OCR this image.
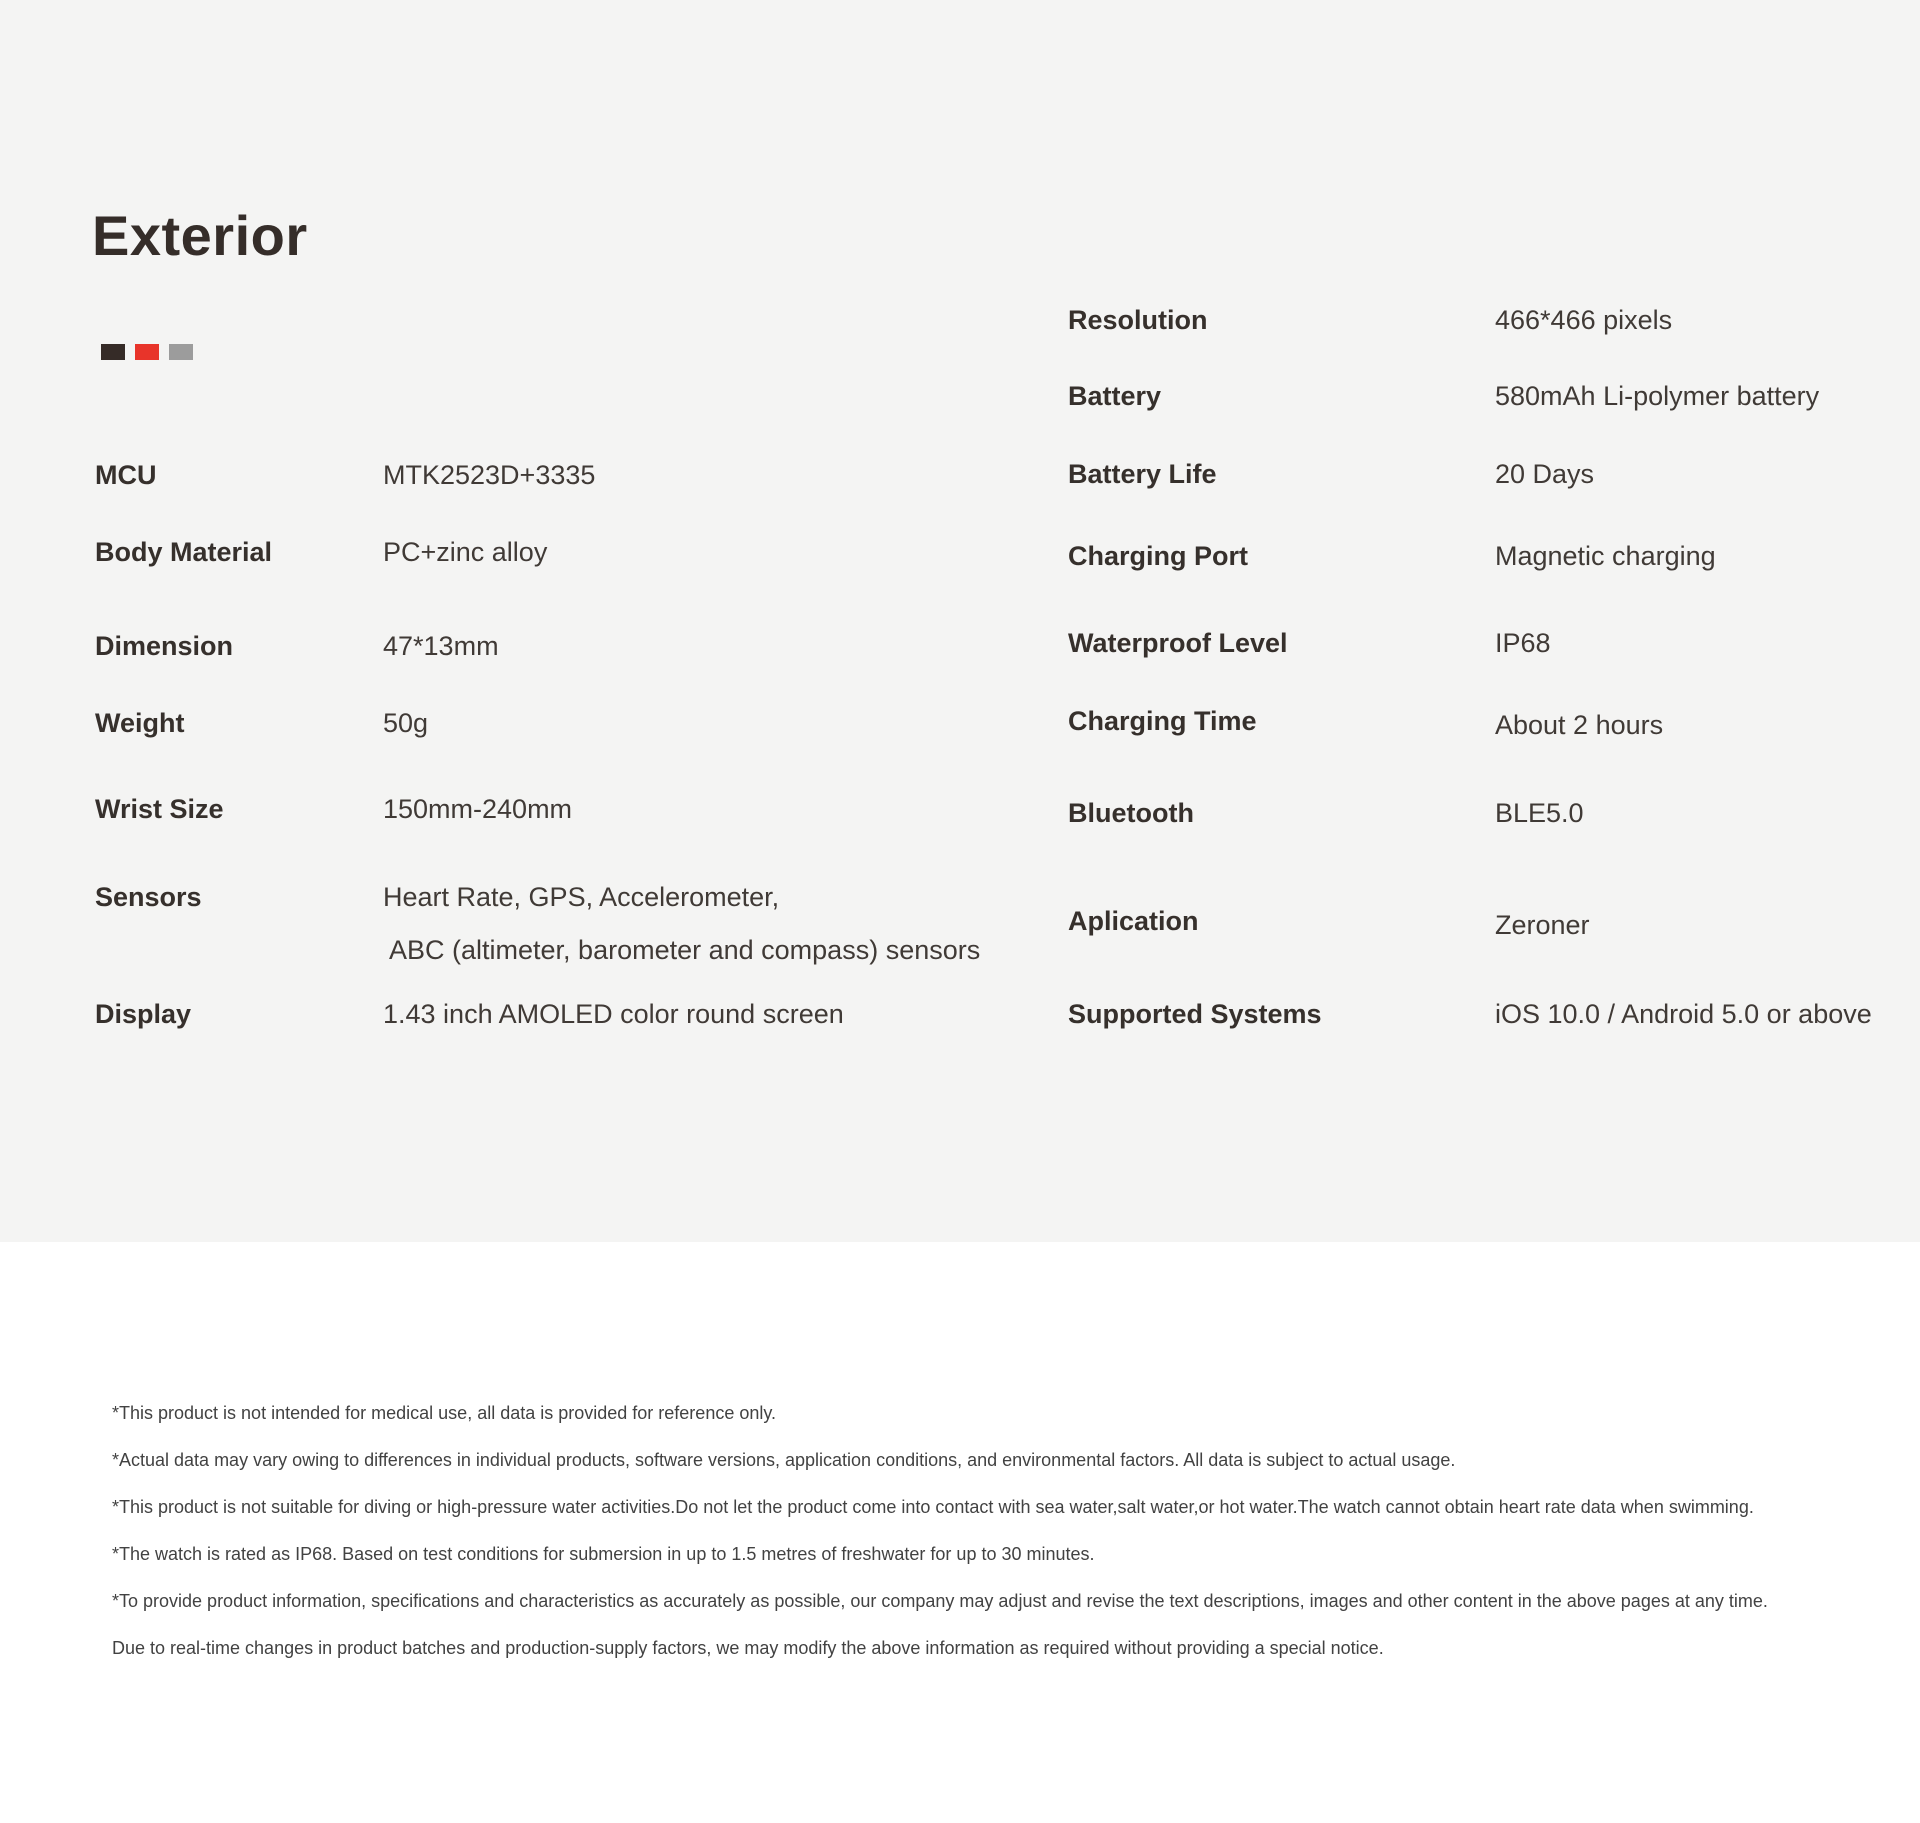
Exterior
MCU	MTK2523D+3335
Body Material	PC+zinc alloy
Dimension	47*13mm
Weight	50g
Wrist Size	150mm-240mm
Sensors	Heart Rate, GPS, Accelerometer,
ABC (altimeter, barometer and compass) sensors
Display	1.43 inch AMOLED color round screen
Resolution	466*466 pixels
Battery	580mAh Li-polymer battery
Battery Life	20 Days
Charging Port	Magnetic charging
Waterproof Level	IP68
Charging Time	About 2 hours
Bluetooth	BLE5.0
Aplication	Zeroner
Supported Systems	iOS 10.0 / Android 5.0 or above
*This product is not intended for medical use, all data is provided for reference only.
*Actual data may vary owing to differences in individual products, software versions, application conditions, and environmental factors. All data is subject to actual usage.
*This product is not suitable for diving or high-pressure water activities.Do not let the product come into contact with sea water,salt water,or hot water.The watch cannot obtain heart rate data when swimming.
*The watch is rated as IP68. Based on test conditions for submersion in up to 1.5 metres of freshwater for up to 30 minutes.
*To provide product information, specifications and characteristics as accurately as possible, our company may adjust and revise the text descriptions, images and other content in the above pages at any time.
Due to real-time changes in product batches and production-supply factors, we may modify the above information as required without providing a special notice.
